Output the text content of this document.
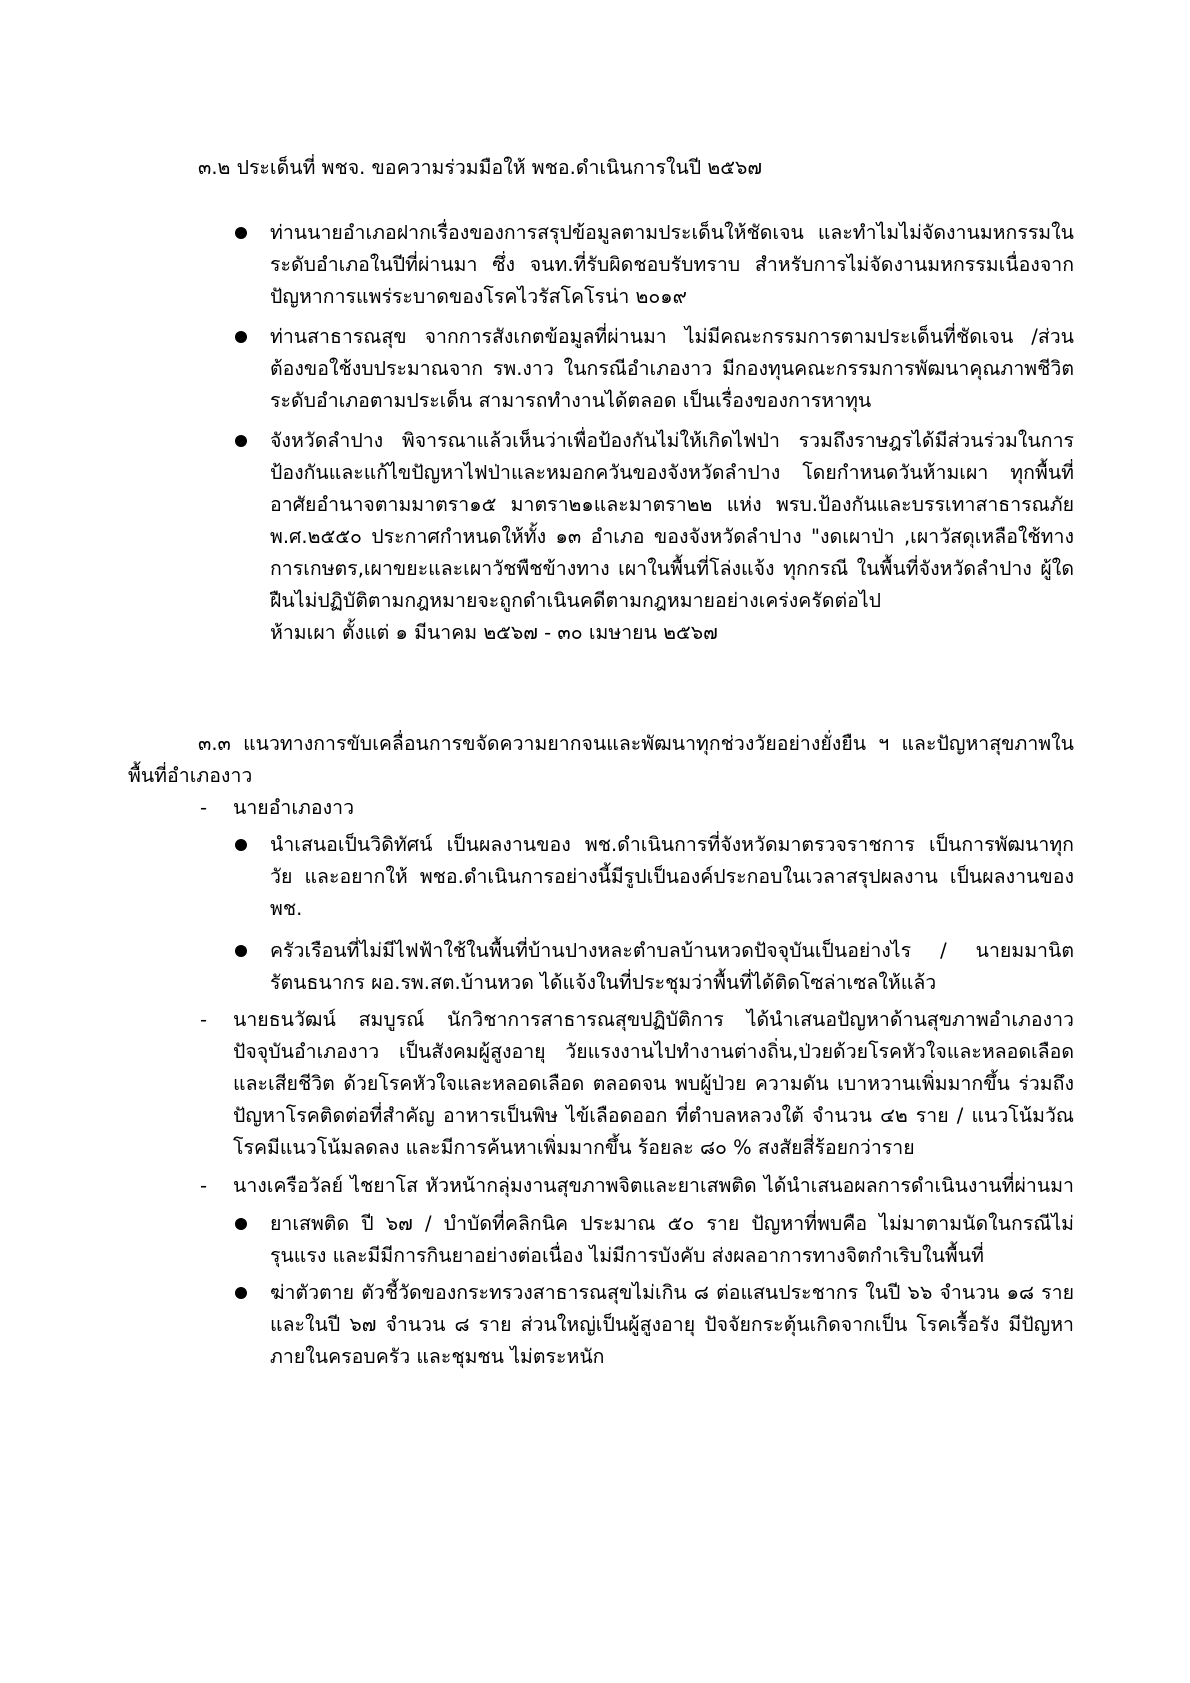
๓.๒ ประเด็นที่ พชจ. ขอความร่วมมือให้ พชอ.ดำเนินการในปี ๒๕๖๗
ท่านนายอำเภอฝากเรื่องของการสรุปข้อมูลตามประเด็นให้ชัดเจน และทำไมไม่จัดงานมหกรรมใน
ระดับอำเภอในปีที่ผ่านมา ซึ่ง จนท.ที่รับผิดชอบรับทราบ สำหรับการไม่จัดงานมหกรรมเนื่องจาก
ปัญหาการแพร่ระบาดของโรคไวรัสโคโรน่า ๒๐๑๙
ท่านสาธารณสุข จากการสังเกตข้อมูลที่ผ่านมา ไม่มีคณะกรรมการตามประเด็นที่ชัดเจน /ส่วน
ต้องขอใช้งบประมาณจาก รพ.งาว ในกรณีอำเภองาว มีกองทุนคณะกรรมการพัฒนาคุณภาพชีวิต
ระดับอำเภอตามประเด็น สามารถทำงานได้ตลอด เป็นเรื่องของการหาทุน
จังหวัดลำปาง พิจารณาแล้วเห็นว่าเพื่อป้องกันไม่ให้เกิดไฟป่า รวมถึงราษฎรได้มีส่วนร่วมในการ
ป้องกันและแก้ไขปัญหาไฟป่าและหมอกควันของจังหวัดลำปาง โดยกำหนดวันห้ามเผา ทุกพื้นที่
อาศัยอำนาจตามมาตรา๑๕ มาตรา๒๑และมาตรา๒๒ แห่ง พรบ.ป้องกันและบรรเทาสาธารณภัย
พ.ศ.๒๕๕๐ ประกาศกำหนดให้ทั้ง ๑๓ อำเภอ ของจังหวัดลำปาง "งดเผาป่า ,เผาวัสดุเหลือใช้ทาง
การเกษตร,เผาขยะและเผาวัชพืชข้างทาง เผาในพื้นที่โล่งแจ้ง ทุกกรณี ในพื้นที่จังหวัดลำปาง ผู้ใด
ฝืนไม่ปฏิบัติตามกฎหมายจะถูกดำเนินคดีตามกฎหมายอย่างเคร่งครัดต่อไป
ห้ามเผา ตั้งแต่ ๑ มีนาคม ๒๕๖๗ - ๓๐ เมษายน ๒๕๖๗
๓.๓ แนวทางการขับเคลื่อนการขจัดความยากจนและพัฒนาทุกช่วงวัยอย่างยั่งยืน ฯ และปัญหาสุขภาพใน
พื้นที่อำเภองาว
- นายอำเภองาว
นำเสนอเป็นวิดิทัศน์ เป็นผลงานของ พช.ดำเนินการที่จังหวัดมาตรวจราชการ เป็นการพัฒนาทุก
วัย และอยากให้ พชอ.ดำเนินการอย่างนี้มีรูปเป็นองค์ประกอบในเวลาสรุปผลงาน เป็นผลงานของ
พช.
ครัวเรือนที่ไม่มีไฟฟ้าใช้ในพื้นที่บ้านปางหละตำบลบ้านหวดปัจจุบันเป็นอย่างไร / นายมมานิต
รัตนธนากร ผอ.รพ.สต.บ้านหวด ได้แจ้งในที่ประชุมว่าพื้นที่ได้ติดโซล่าเซลให้แล้ว
- นายธนวัฒน์ สมบูรณ์ นักวิชาการสาธารณสุขปฏิบัติการ ได้นำเสนอปัญหาด้านสุขภาพอำเภองาว
ปัจจุบันอำเภองาว เป็นสังคมผู้สูงอายุ วัยแรงงานไปทำงานต่างถิ่น,ป่วยด้วยโรคหัวใจและหลอดเลือด
และเสียชีวิต ด้วยโรคหัวใจและหลอดเลือด ตลอดจน พบผู้ป่วย ความดัน เบาหวานเพิ่มมากขึ้น ร่วมถึง
ปัญหาโรคติดต่อที่สำคัญ อาหารเป็นพิษ ไข้เลือดออก ที่ตำบลหลวงใต้ จำนวน ๔๒ ราย / แนวโน้มวัณ
โรคมีแนวโน้มลดลง และมีการค้นหาเพิ่มมากขึ้น ร้อยละ ๘๐ % สงสัยสี่ร้อยกว่าราย
- นางเครือวัลย์ ไชยาโส หัวหน้ากลุ่มงานสุขภาพจิตและยาเสพติด ได้นำเสนอผลการดำเนินงานที่ผ่านมา
ยาเสพติด ปี ๖๗ / บำบัดที่คลิกนิค ประมาณ ๕๐ ราย ปัญหาที่พบคือ ไม่มาตามนัดในกรณีไม่
รุนแรง และมีมีการกินยาอย่างต่อเนื่อง ไม่มีการบังคับ ส่งผลอาการทางจิตกำเริบในพื้นที่
ฆ่าตัวตาย ตัวชี้วัดของกระทรวงสาธารณสุขไม่เกิน ๘ ต่อแสนประชากร ในปี ๖๖ จำนวน ๑๘ ราย
และในปี ๖๗ จำนวน ๘ ราย ส่วนใหญ่เป็นผู้สูงอายุ ปัจจัยกระตุ้นเกิดจากเป็น โรคเรื้อรัง มีปัญหา
ภายในครอบครัว และชุมชน ไม่ตระหนัก
